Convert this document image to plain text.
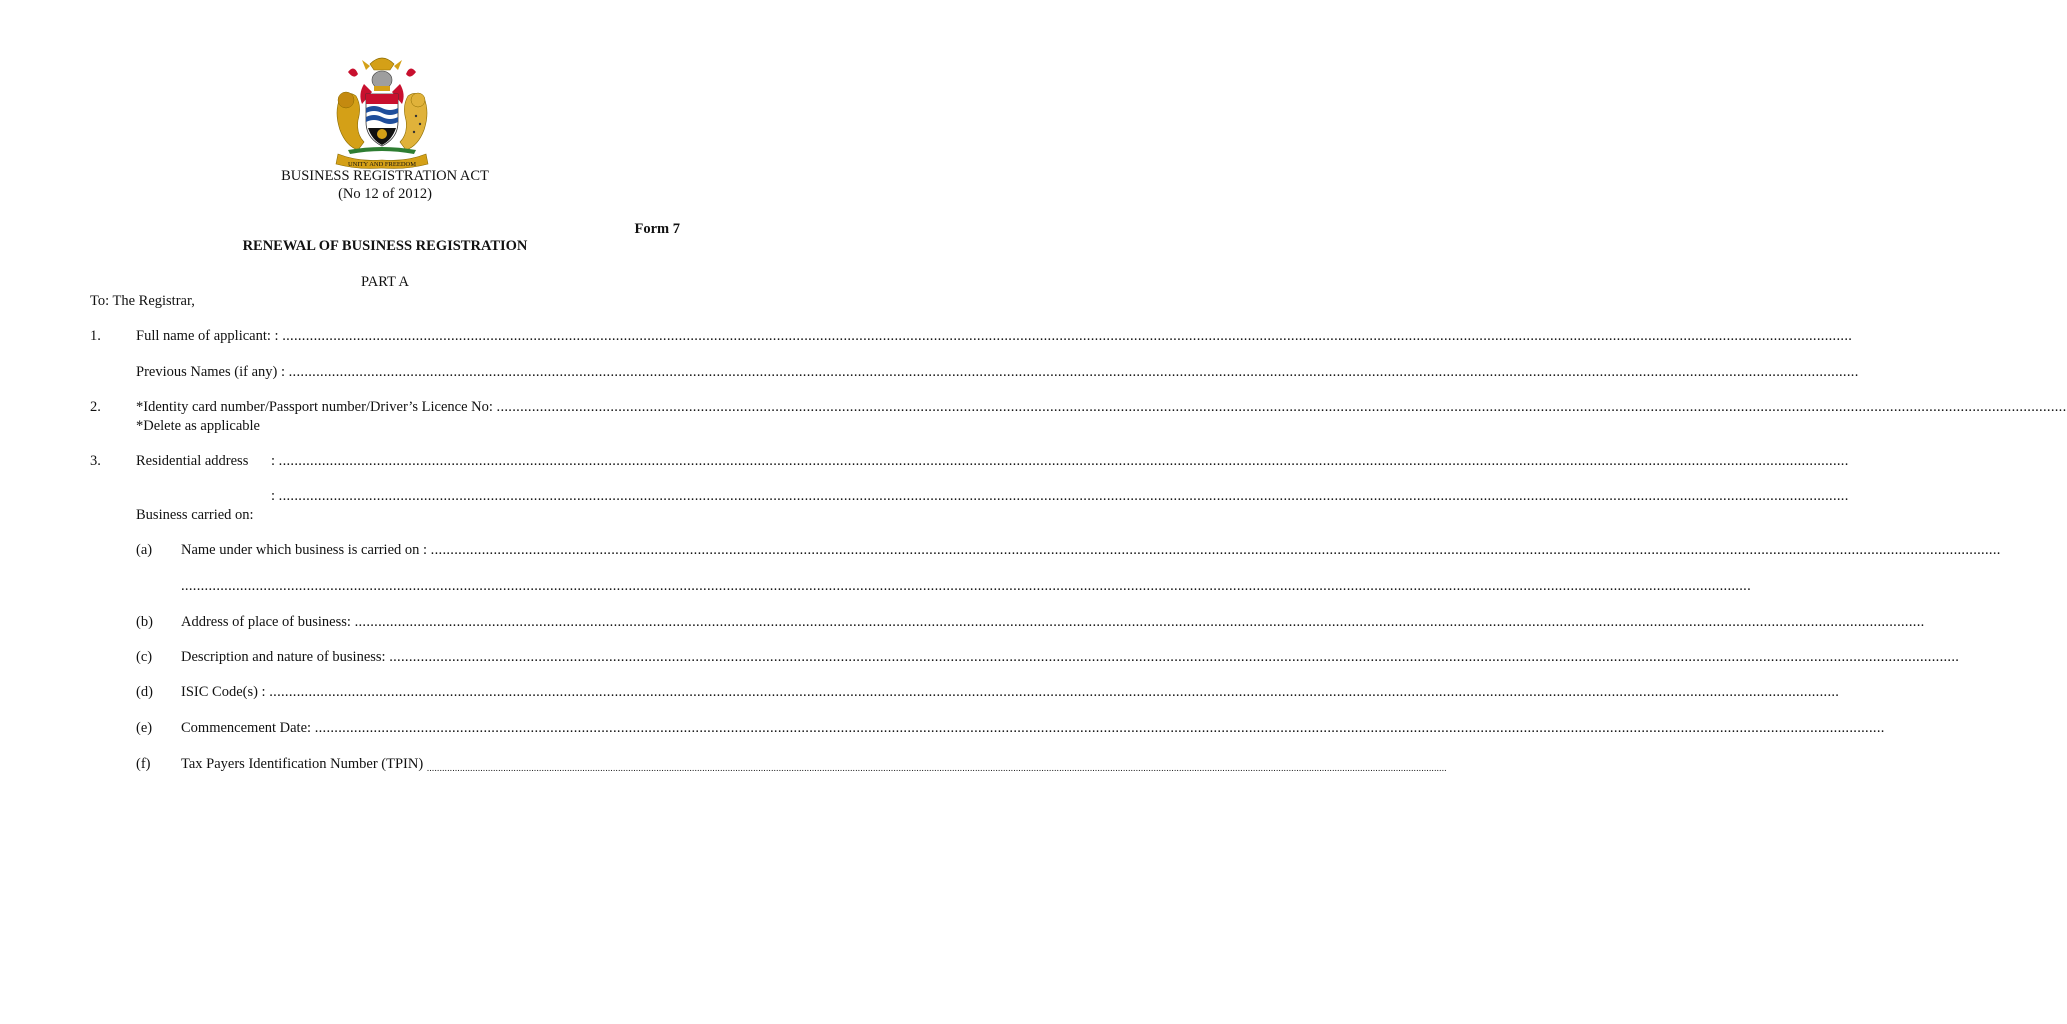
UNITY AND FREEDOM
BUSINESS REGISTRATION ACT
(No 12 of 2012)
Form 7
RENEWAL OF BUSINESS REGISTRATION
PART A
To: The Registrar,
1. Full name of applicant: : ................................................................................................................................................................................................................................................................................................................................................................................................................
Previous Names (if any) : ................................................................................................................................................................................................................................................................................................................................................................................................................
2. *Identity card number/Passport number/Driver’s Licence No: ................................................................................................................................................................................................................................................................................................................................................................................................................
*Delete as applicable
3. Residential address : ................................................................................................................................................................................................................................................................................................................................................................................................................
: ................................................................................................................................................................................................................................................................................................................................................................................................................
Business carried on:
(a) Name under which business is carried on : ................................................................................................................................................................................................................................................................................................................................................................................................................
................................................................................................................................................................................................................................................................................................................................................................................................................
(b) Address of place of business: ................................................................................................................................................................................................................................................................................................................................................................................................................
(c) Description and nature of business: ................................................................................................................................................................................................................................................................................................................................................................................................................
(d) ISIC Code(s) : ................................................................................................................................................................................................................................................................................................................................................................................................................
(e) Commencement Date: ................................................................................................................................................................................................................................................................................................................................................................................................................
(f) Tax Payers Identification Number (TPIN) ................................................................................................................................................................................................................................................................................................................................................................................................................
